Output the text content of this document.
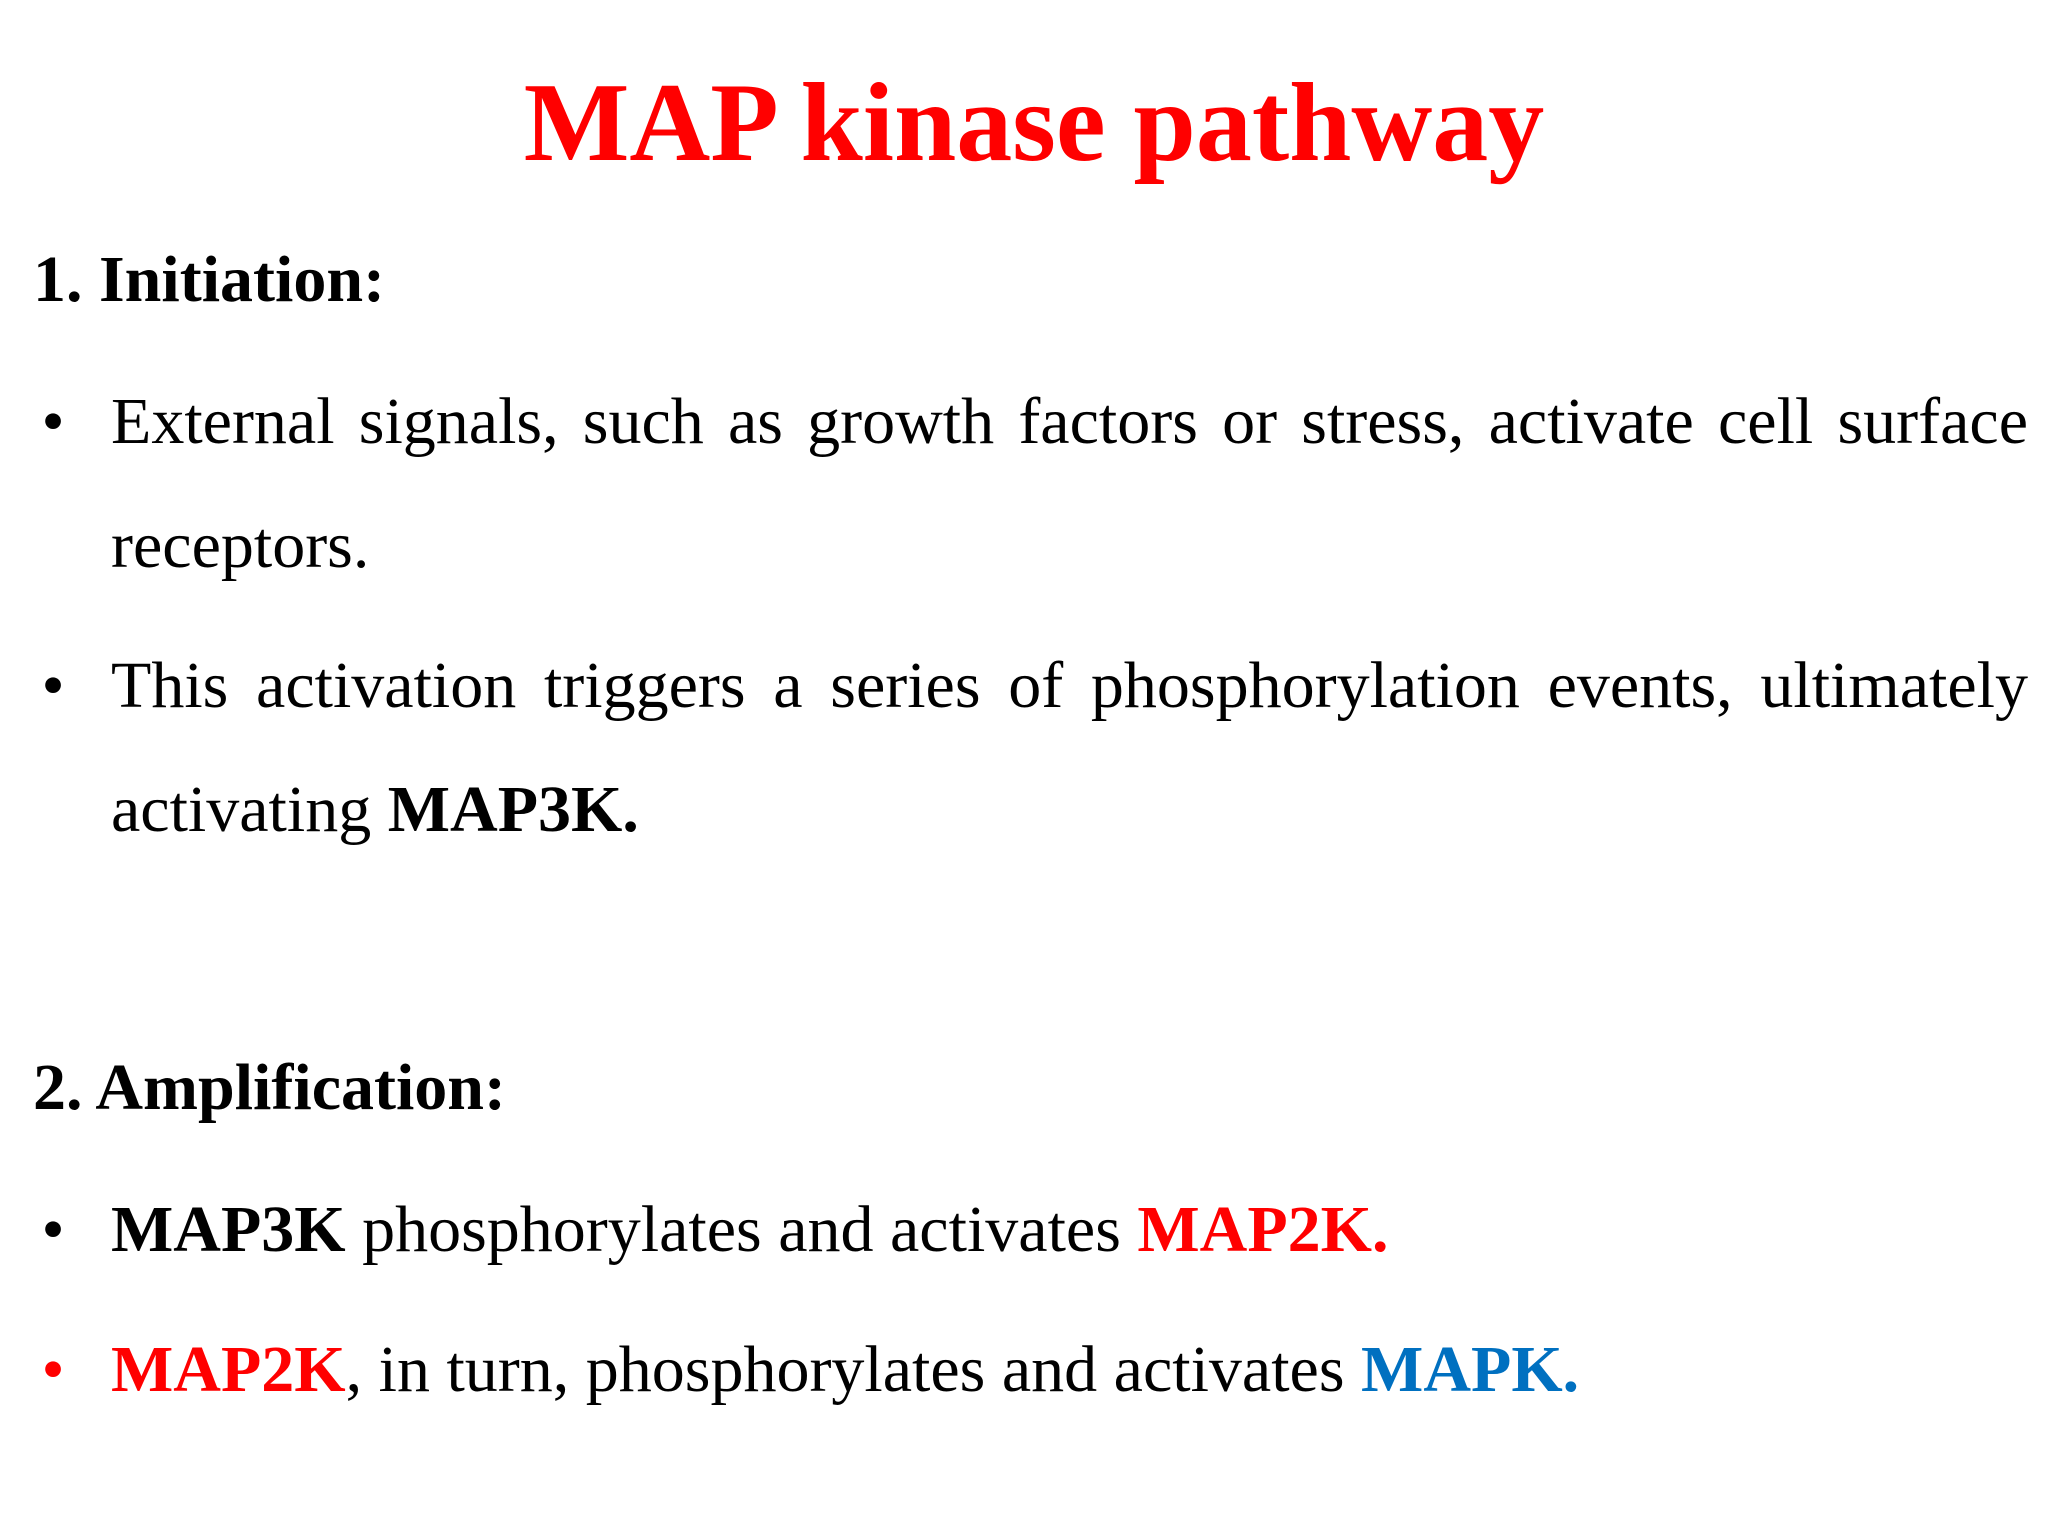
MAP kinase pathway
1. Initiation:
• External signals, such as growth factors or stress, activate cell surface receptors.
• This activation triggers a series of phosphorylation events, ultimately activating MAP3K.
2. Amplification:
• MAP3K phosphorylates and activates MAP2K.
• MAP2K, in turn, phosphorylates and activates MAPK.
